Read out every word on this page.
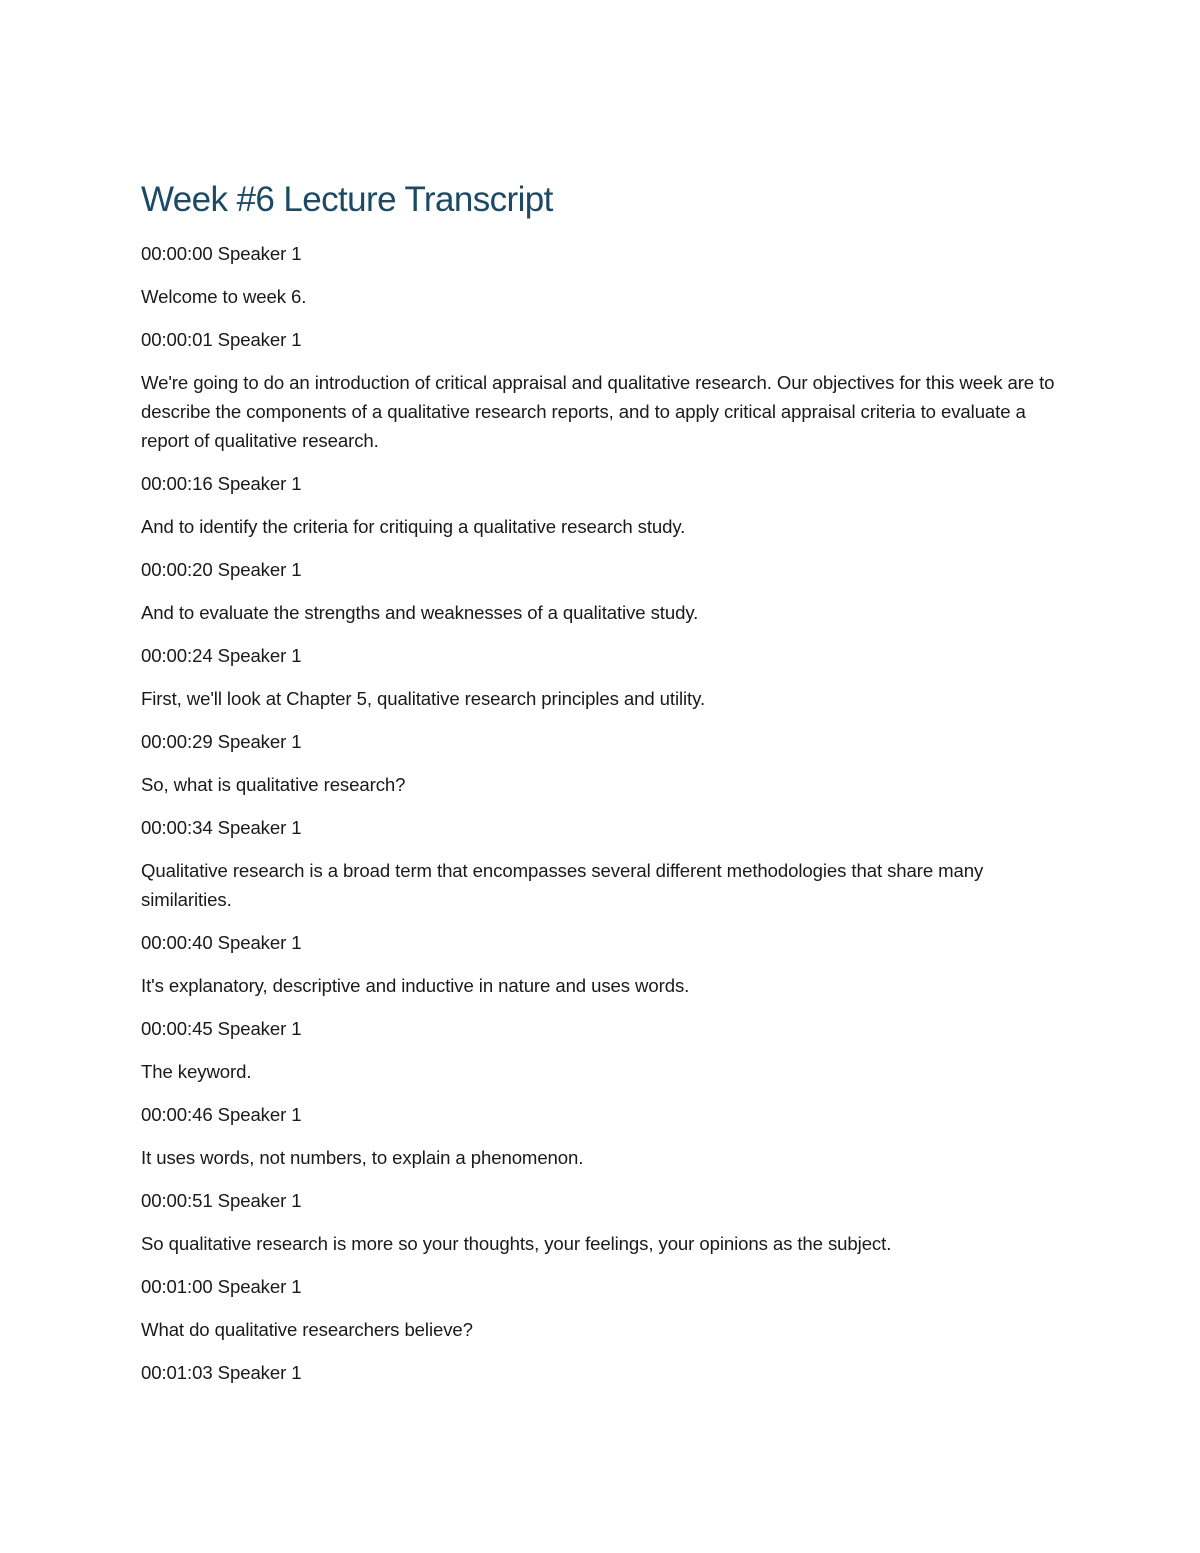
Week #6 Lecture Transcript

00:00:00 Speaker 1

Welcome to week 6.

00:00:01 Speaker 1

We're going to do an introduction of critical appraisal and qualitative research. Our objectives for this week are to describe the components of a qualitative research reports, and to apply critical appraisal criteria to evaluate a report of qualitative research.

00:00:16 Speaker 1

And to identify the criteria for critiquing a qualitative research study.

00:00:20 Speaker 1

And to evaluate the strengths and weaknesses of a qualitative study.

00:00:24 Speaker 1

First, we'll look at Chapter 5, qualitative research principles and utility.

00:00:29 Speaker 1

So, what is qualitative research?

00:00:34 Speaker 1

Qualitative research is a broad term that encompasses several different methodologies that share many similarities.

00:00:40 Speaker 1

It's explanatory, descriptive and inductive in nature and uses words.

00:00:45 Speaker 1

The keyword.

00:00:46 Speaker 1

It uses words, not numbers, to explain a phenomenon.

00:00:51 Speaker 1

So qualitative research is more so your thoughts, your feelings, your opinions as the subject.

00:01:00 Speaker 1

What do qualitative researchers believe?

00:01:03 Speaker 1
